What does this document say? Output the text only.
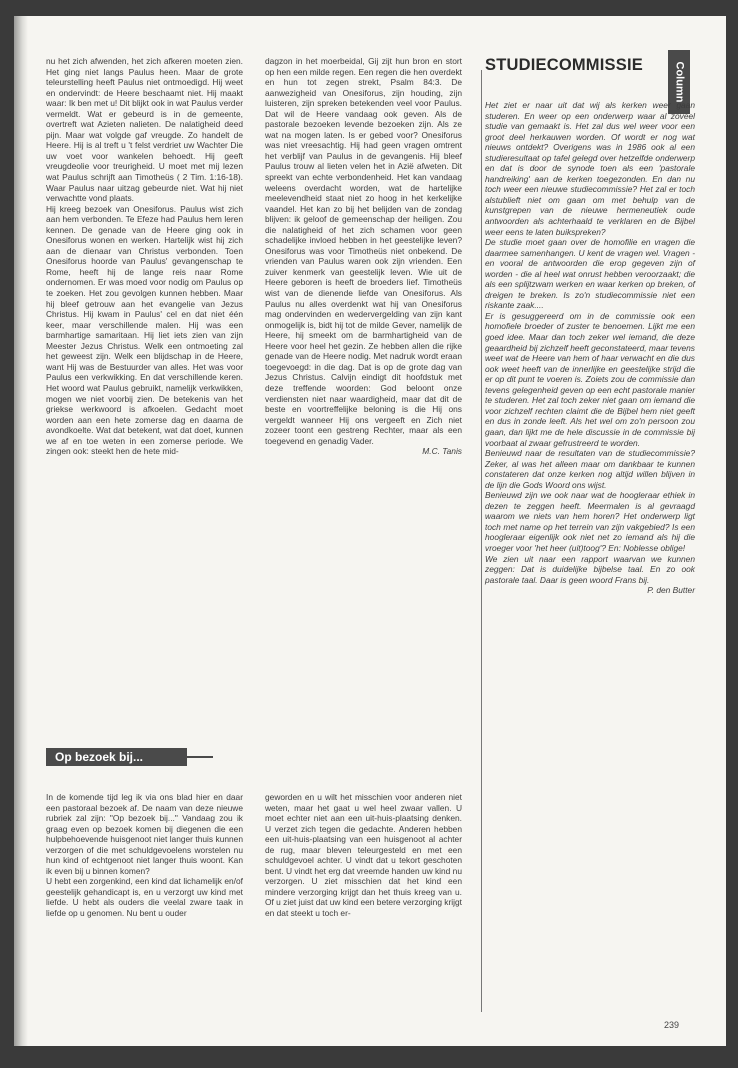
nu het zich afwenden, het zich afkeren moeten zien. Het ging niet langs Paulus heen. Maar de grote teleurstelling heeft Paulus niet ontmoedigd. Hij weet en ondervindt: de Heere beschaamt niet. Hij maakt waar: Ik ben met u! Dit blijkt ook in wat Paulus verder vermeldt. Wat er gebeurd is in de gemeente, overtreft wat Azieten nalieten. De nalatigheid deed pijn. Maar wat volgde gaf vreugde. Zo handelt de Heere. Hij is al treft u 't felst verdriet uw Wachter Die uw voet voor wankelen behoedt. Hij geeft vreugdeolie voor treurigheid. U moet met mij lezen wat Paulus schrijft aan Timotheüs ( 2 Tim. 1:16-18). Waar Paulus naar uitzag gebeurde niet. Wat hij niet verwachtte vond plaats.

Hij kreeg bezoek van Onesiforus. Paulus wist zich aan hem verbonden. Te Efeze had Paulus hem leren kennen. De genade van de Heere ging ook in Onesiforus wonen en werken. Hartelijk wist hij zich aan de dienaar van Christus verbonden. Toen Onesiforus hoorde van Paulus' gevangenschap te Rome, heeft hij de lange reis naar Rome ondernomen. Er was moed voor nodig om Paulus op te zoeken. Het zou gevolgen kunnen hebben. Maar hij bleef getrouw aan het evangelie van Jezus Christus. Hij kwam in Paulus' cel en dat niet één keer, maar verschillende malen. Hij was een barmhartige samaritaan. Hij liet iets zien van zijn Meester Jezus Christus. Welk een ontmoeting zal het geweest zijn. Welk een blijdschap in de Heere, want Hij was de Bestuurder van alles. Het was voor Paulus een verkwikking. En dat verschillende keren. Het woord wat Paulus gebruikt, namelijk verkwikken, mogen we niet voorbij zien. De betekenis van het griekse werkwoord is afkoelen. Gedacht moet worden aan een hete zomerse dag en daarna de avondkoelte. Wat dat betekent, wat dat doet, kunnen we af en toe weten in een zomerse periode. We zingen ook: steekt hen de hete mid-

dagzon in het moerbeidal, Gij zijt hun bron en stort op hen een milde regen. Een regen die hen overdekt en hun tot zegen strekt, Psalm 84:3. De aanwezigheid van Onesiforus, zijn houding, zijn luisteren, zijn spreken betekenden veel voor Paulus. Dat wil de Heere vandaag ook geven. Als de pastorale bezoeken levende bezoeken zijn. Als ze wat na mogen laten. Is er gebed voor? Onesiforus was niet vreesachtig. Hij had geen vragen omtrent het verblijf van Paulus in de gevangenis. Hij bleef Paulus trouw al lieten velen het in Azië afweten. Dit spreekt van echte verbondenheid. Het kan vandaag weleens overdacht worden, wat de hartelijke meelevendheid staat niet zo hoog in het kerkelijke vaandel. Het kan zo bij het belijden van de zondag blijven: ik geloof de gemeenschap der heiligen. Zou die nalatigheid of het zich schamen voor geen schadelijke invloed hebben in het geestelijke leven? Onesiforus was voor Timotheüs niet onbekend. De vrienden van Paulus waren ook zijn vrienden. Een zuiver kenmerk van geestelijk leven. Wie uit de Heere geboren is heeft de broeders lief. Timotheüs wist van de dienende liefde van Onesiforus. Als Paulus nu alles overdenkt wat hij van Onesiforus mag ondervinden en wedervergelding van zijn kant onmogelijk is, bidt hij tot de milde Gever, namelijk de Heere, hij smeekt om de barmhartigheid van de Heere voor heel het gezin. Ze hebben allen die rijke genade van de Heere nodig. Met nadruk wordt eraan toegevoegd: in die dag. Dat is op de grote dag van Jezus Christus. Calvijn eindigt dit hoofdstuk met deze treffende woorden: God beloont onze verdiensten niet naar waardigheid, maar dat dit de beste en voortreffelijke beloning is die Hij ons vergeldt wanneer Hij ons vergeeft en Zich niet zozeer toont een gestreng Rechter, maar als een toegevend en genadig Vader.

M.C. Tanis

STUDIECOMMISSIE	Column

Het ziet er naar uit dat wij als kerken weer gaan studeren. En weer op een onderwerp waar al zoveel studie van gemaakt is. Het zal dus wel weer voor een groot deel herkauwen worden. Of wordt er nog wat nieuws ontdekt? Overigens was in 1986 ook al een studieresultaat op tafel gelegd over hetzelfde onderwerp en dat is door de synode toen als een 'pastorale handreiking' aan de kerken toegezonden. En dan nu toch weer een nieuwe studiecommissie? Het zal er toch alstublieft niet om gaan om met behulp van de kunstgrepen van de nieuwe hermeneutiek oude antwoorden als achterhaald te verklaren en de Bijbel weer eens te laten buikspreken?

De studie moet gaan over de homofilie en vragen die daarmee samenhangen. U kent de vragen wel. Vragen - en vooral de antwoorden die erop gegeven zijn of worden - die al heel wat onrust hebben veroorzaakt; die als een splijtzwam werken en waar kerken op breken, of dreigen te breken. Is zo'n studiecommissie niet een riskante zaak....

Er is gesuggereerd om in de commissie ook een homofiele broeder of zuster te benoemen. Lijkt me een goed idee. Maar dan toch zeker wel iemand, die deze geaardheid bij zichzelf heeft geconstateerd, maar tevens weet wat de Heere van hem of haar verwacht en die dus ook weet heeft van de innerlijke en geestelijke strijd die er op dit punt te voeren is. Zoiets zou de commissie dan tevens gelegenheid geven op een echt pastorale manier te studeren. Het zal toch zeker niet gaan om iemand die voor zichzelf rechten claimt die de Bijbel hem niet geeft en dus in zonde leeft. Als het wel om zo'n persoon zou gaan, dan lijkt me de hele discussie in de commissie bij voorbaat al zwaar gefrustreerd te worden.

Benieuwd naar de resultaten van de studiecommissie? Zeker, al was het alleen maar om dankbaar te kunnen constateren dat onze kerken nog altijd willen blijven in de lijn die Gods Woord ons wijst.

Benieuwd zijn we ook naar wat de hoogleraar ethiek in dezen te zeggen heeft. Meermalen is al gevraagd waarom we niets van hem horen? Het onderwerp ligt toch met name op het terrein van zijn vakgebied? Is een hoogleraar eigenlijk ook niet net zo iemand als hij die vroeger voor 'het heer (uit)toog'? En: Noblesse oblige!

We zien uit naar een rapport waarvan we kunnen zeggen: Dat is duidelijke bijbelse taal. En zo ook pastorale taal. Daar is geen woord Frans bij.

P. den Butter

Op bezoek bij...

In de komende tijd leg ik via ons blad hier en daar een pastoraal bezoek af. De naam van deze nieuwe rubriek zal zijn: "Op bezoek bij..." Vandaag zou ik graag even op bezoek komen bij diegenen die een hulpbehoevende huisgenoot niet langer thuis kunnen verzorgen of die met schuldgevoelens worstelen nu hun kind of echtgenoot niet langer thuis woont. Kan ik even bij u binnen komen?

U hebt een zorgenkind, een kind dat lichamelijk en/of geestelijk gehandicapt is, en u verzorgt uw kind met liefde. U hebt als ouders die veelal zware taak in liefde op u genomen. Nu bent u ouder

geworden en u wilt het misschien voor anderen niet weten, maar het gaat u wel heel zwaar vallen. U moet echter niet aan een uit-huis-plaatsing denken. U verzet zich tegen die gedachte. Anderen hebben een uit-huis-plaatsing van een huisgenoot al achter de rug, maar bleven teleurgesteld en met een schuldgevoel achter. U vindt dat u tekort geschoten bent. U vindt het erg dat vreemde handen uw kind nu verzorgen. U ziet misschien dat het kind een mindere verzorging krijgt dan het thuis kreeg van u. Of u ziet juist dat uw kind een betere verzorging krijgt en dat steekt u toch er-

239
